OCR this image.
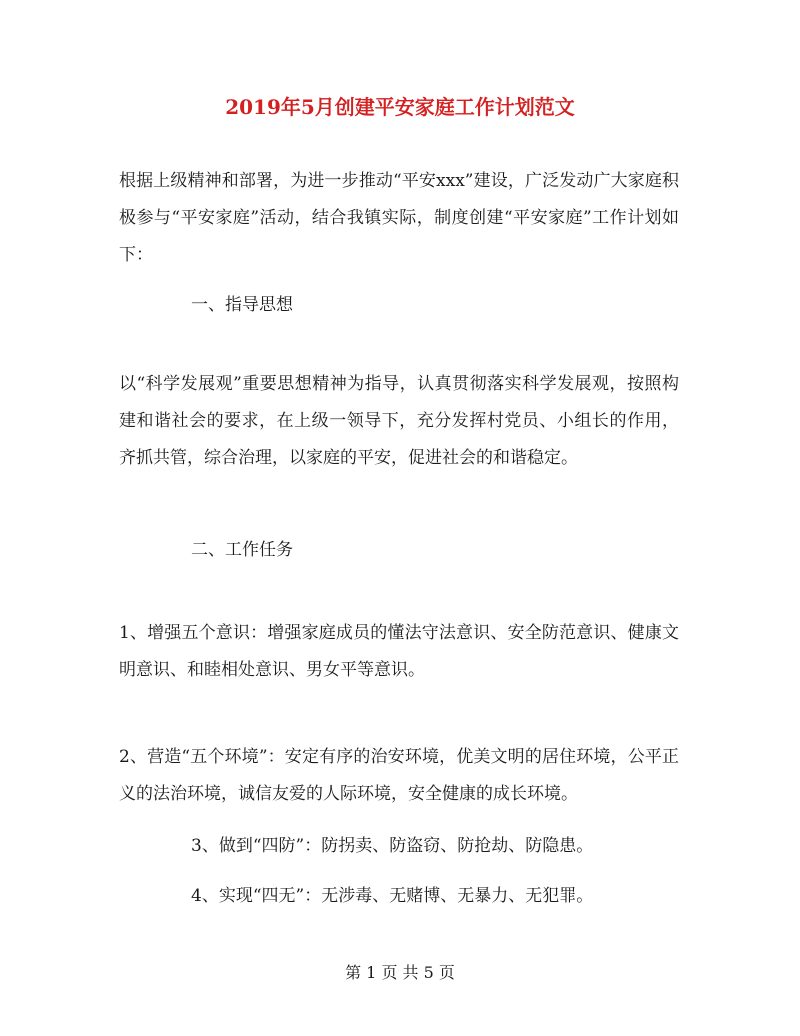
2019年5月创建平安家庭工作计划范文

根据上级精神和部署，为进一步推动“平安xxx”建设，广泛发动广大家庭积极参与“平安家庭”活动，结合我镇实际，制度创建“平安家庭”工作计划如下：

一、指导思想

以“科学发展观”重要思想精神为指导，认真贯彻落实科学发展观，按照构建和谐社会的要求，在上级一领导下，充分发挥村党员、小组长的作用，齐抓共管，综合治理，以家庭的平安，促进社会的和谐稳定。

二、工作任务

1、增强五个意识：增强家庭成员的懂法守法意识、安全防范意识、健康文明意识、和睦相处意识、男女平等意识。

2、营造“五个环境”：安定有序的治安环境，优美文明的居住环境，公平正义的法治环境，诚信友爱的人际环境，安全健康的成长环境。

3、做到“四防”：防拐卖、防盗窃、防抢劫、防隐患。
4、实现“四无”：无涉毒、无赌博、无暴力、无犯罪。
第 1 页 共 5 页
